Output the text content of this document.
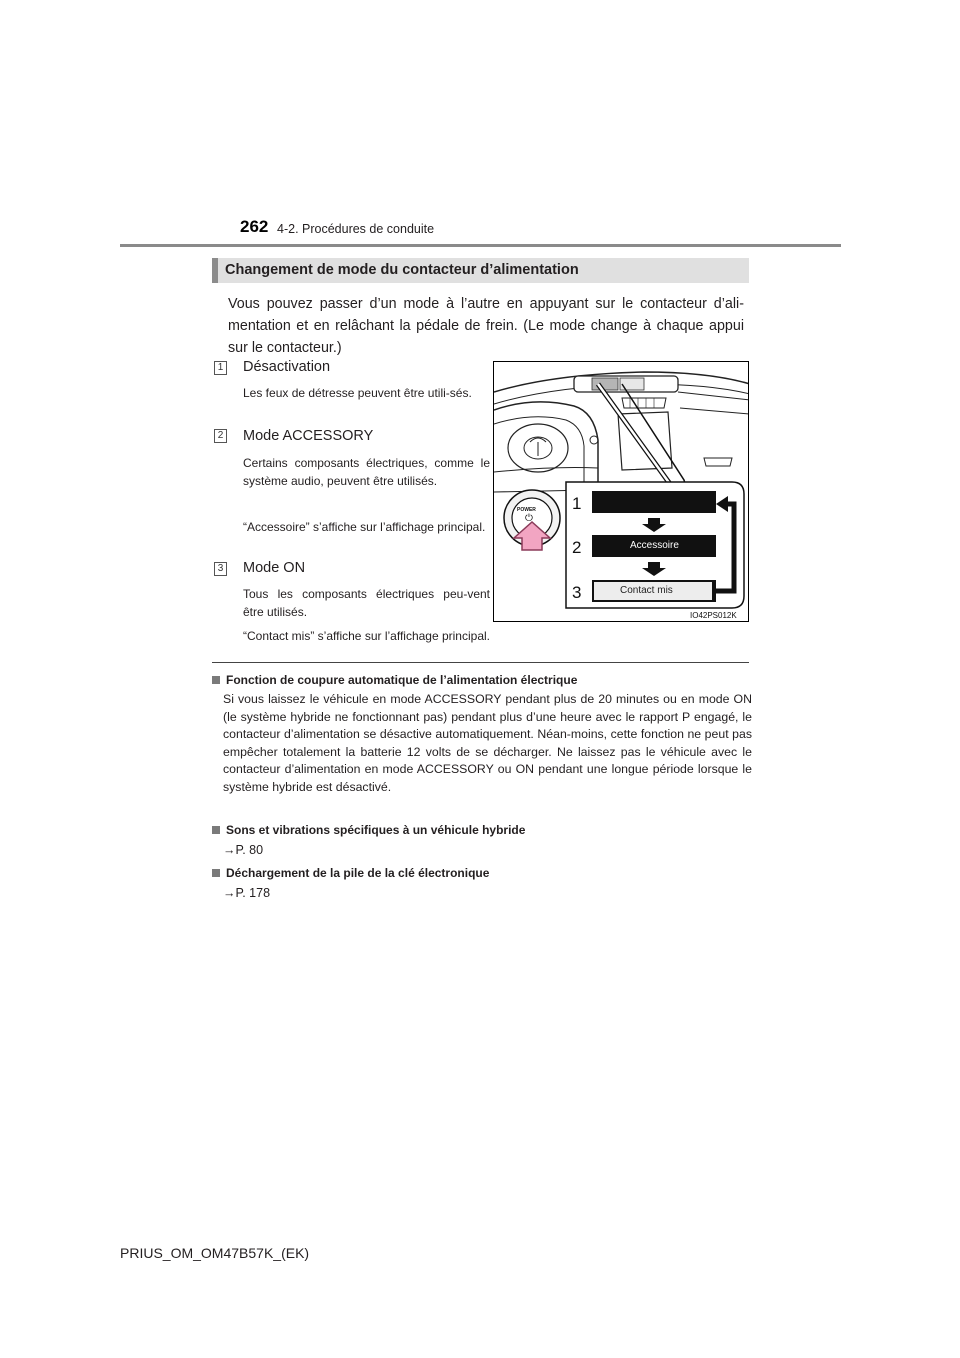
262 4-2. Procédures de conduite
Changement de mode du contacteur d’alimentation
Vous pouvez passer d’un mode à l’autre en appuyant sur le contacteur d’ali-mentation et en relâchant la pédale de frein. (Le mode change à chaque appui sur le contacteur.)
1 Désactivation
Les feux de détresse peuvent être utili-sés.
2 Mode ACCESSORY
Certains composants électriques, comme le système audio, peuvent être utilisés.
“Accessoire” s’affiche sur l’affichage principal.
3 Mode ON
Tous les composants électriques peu-vent être utilisés.
“Contact mis” s’affiche sur l’affichage principal.
POWER
⏻
1
2
3
Accessoire
Contact mis
IO42PS012K
Fonction de coupure automatique de l’alimentation électrique
Si vous laissez le véhicule en mode ACCESSORY pendant plus de 20 minutes ou en mode ON (le système hybride ne fonctionnant pas) pendant plus d’une heure avec le rapport P engagé, le contacteur d’alimentation se désactive automatiquement. Néan-moins, cette fonction ne peut pas empêcher totalement la batterie 12 volts de se décharger. Ne laissez pas le véhicule avec le contacteur d’alimentation en mode ACCESSORY ou ON pendant une longue période lorsque le système hybride est désactivé.
Sons et vibrations spécifiques à un véhicule hybride
→P. 80
Déchargement de la pile de la clé électronique
→P. 178
PRIUS_OM_OM47B57K_(EK)
